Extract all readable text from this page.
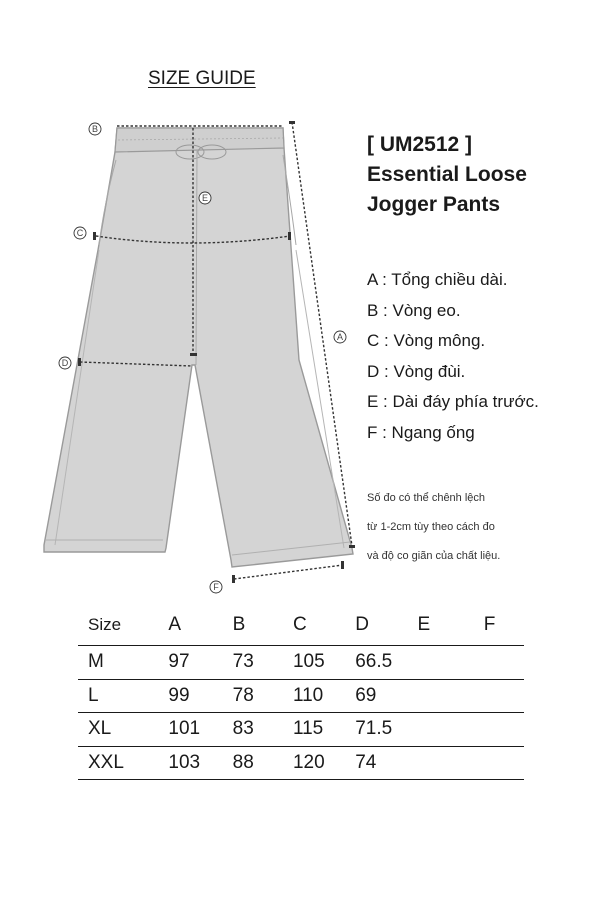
SIZE GUIDE
B
C
E
D
A
F
[ UM2512 ]
Essential Loose
Jogger Pants
A : Tổng chiều dài.
B : Vòng eo.
C : Vòng mông.
D : Vòng đùi.
E : Dài đáy phía trước.
F : Ngang ống
Số đo có thể chênh lệch
từ 1-2cm tùy theo cách đo
và độ co giãn của chất liệu.
Size	A	B	C	D	E	F
M	97	73	105	66.5		
L	99	78	110	69		
XL	101	83	115	71.5		
XXL	103	88	120	74		
